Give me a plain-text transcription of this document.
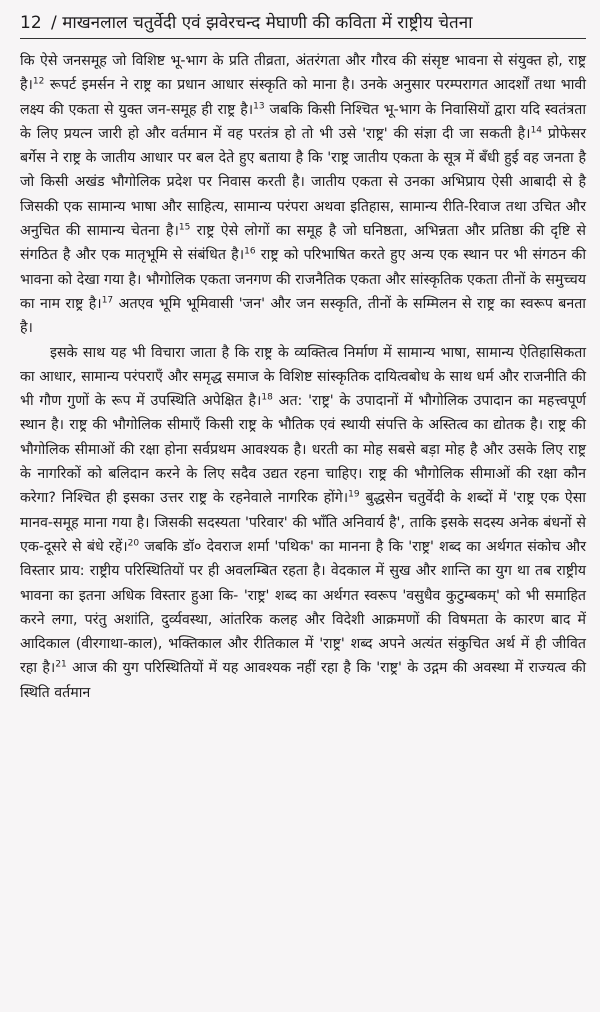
12 / माखनलाल चतुर्वेदी एवं झवेरचन्द मेघाणी की कविता में राष्ट्रीय चेतना

कि ऐसे जनसमूह जो विशिष्ट भू-भाग के प्रति तीव्रता, अंतरंगता और गौरव की संसृष्ट भावना से संयुक्त हो, राष्ट्र है।$^{12}$ रूपर्ट इमर्सन ने राष्ट्र का प्रधान आधार संस्कृति को माना है। उनके अनुसार परम्परागत आदर्शों तथा भावी लक्ष्य की एकता से युक्त जन-समूह ही राष्ट्र है।$^{13}$ जबकि किसी निश्चित भू-भाग के निवासियों द्वारा यदि स्वतंत्रता के लिए प्रयत्न जारी हो और वर्तमान में वह परतंत्र हो तो भी उसे 'राष्ट्र' की संज्ञा दी जा सकती है।$^{14}$ प्रोफेसर बर्गेस ने राष्ट्र के जातीय आधार पर बल देते हुए बताया है कि 'राष्ट्र जातीय एकता के सूत्र में बँधी हुई वह जनता है जो किसी अखंड भौगोलिक प्रदेश पर निवास करती है। जातीय एकता से उनका अभिप्राय ऐसी आबादी से है जिसकी एक सामान्य भाषा और साहित्य, सामान्य परंपरा अथवा इतिहास, सामान्य रीति-रिवाज तथा उचित और अनुचित की सामान्य चेतना है।$^{15}$ राष्ट्र ऐसे लोगों का समूह है जो घनिष्ठता, अभिन्नता और प्रतिष्ठा की दृष्टि से संगठित है और एक मातृभूमि से संबंधित है।$^{16}$ राष्ट्र को परिभाषित करते हुए अन्य एक स्थान पर भी संगठन की भावना को देखा गया है। भौगोलिक एकता जनगण की राजनैतिक एकता और सांस्कृतिक एकता तीनों के समुच्चय का नाम राष्ट्र है।$^{17}$ अतएव भूमि भूमिवासी 'जन' और जन सस्कृति, तीनों के सम्मिलन से राष्ट्र का स्वरूप बनता है।

इसके साथ यह भी विचारा जाता है कि राष्ट्र के व्यक्तित्व निर्माण में सामान्य भाषा, सामान्य ऐतिहासिकता का आधार, सामान्य परंपराएँ और समृद्ध समाज के विशिष्ट सांस्कृतिक दायित्वबोध के साथ धर्म और राजनीति की भी गौण गुणों के रूप में उपस्थिति अपेक्षित है।$^{18}$ अत: 'राष्ट्र' के उपादानों में भौगोलिक उपादान का महत्त्वपूर्ण स्थान है। राष्ट्र की भौगोलिक सीमाएँ किसी राष्ट्र के भौतिक एवं स्थायी संपत्ति के अस्तित्व का द्योतक है। राष्ट्र की भौगोलिक सीमाओं की रक्षा होना सर्वप्रथम आवश्यक है। धरती का मोह सबसे बड़ा मोह है और उसके लिए राष्ट्र के नागरिकों को बलिदान करने के लिए सदैव उद्यत रहना चाहिए। राष्ट्र की भौगोलिक सीमाओं की रक्षा कौन करेगा? निश्चित ही इसका उत्तर राष्ट्र के रहनेवाले नागरिक होंगे।$^{19}$ बुद्धसेन चतुर्वेदी के शब्दों में 'राष्ट्र एक ऐसा मानव-समूह माना गया है। जिसकी सदस्यता 'परिवार' की भाँति अनिवार्य है', ताकि इसके सदस्य अनेक बंधनों से एक-दूसरे से बंधे रहें।$^{20}$ जबकि डॉ० देवराज शर्मा 'पथिक' का मानना है कि 'राष्ट्र' शब्द का अर्थगत संकोच और विस्तार प्राय: राष्ट्रीय परिस्थितियों पर ही अवलम्बित रहता है। वेदकाल में सुख और शान्ति का युग था तब राष्ट्रीय भावना का इतना अधिक विस्तार हुआ कि- 'राष्ट्र' शब्द का अर्थगत स्वरूप 'वसुधैव कुटुम्बकम्' को भी समाहित करने लगा, परंतु अशांति, दुर्व्यवस्था, आंतरिक कलह और विदेशी आक्रमणों की विषमता के कारण बाद में आदिकाल (वीरगाथा-काल), भक्तिकाल और रीतिकाल में 'राष्ट्र' शब्द अपने अत्यंत संकुचित अर्थ में ही जीवित रहा है।$^{21}$ आज की युग परिस्थितियों में यह आवश्यक नहीं रहा है कि 'राष्ट्र' के उद्गम की अवस्था में राज्यत्व की स्थिति वर्तमान
